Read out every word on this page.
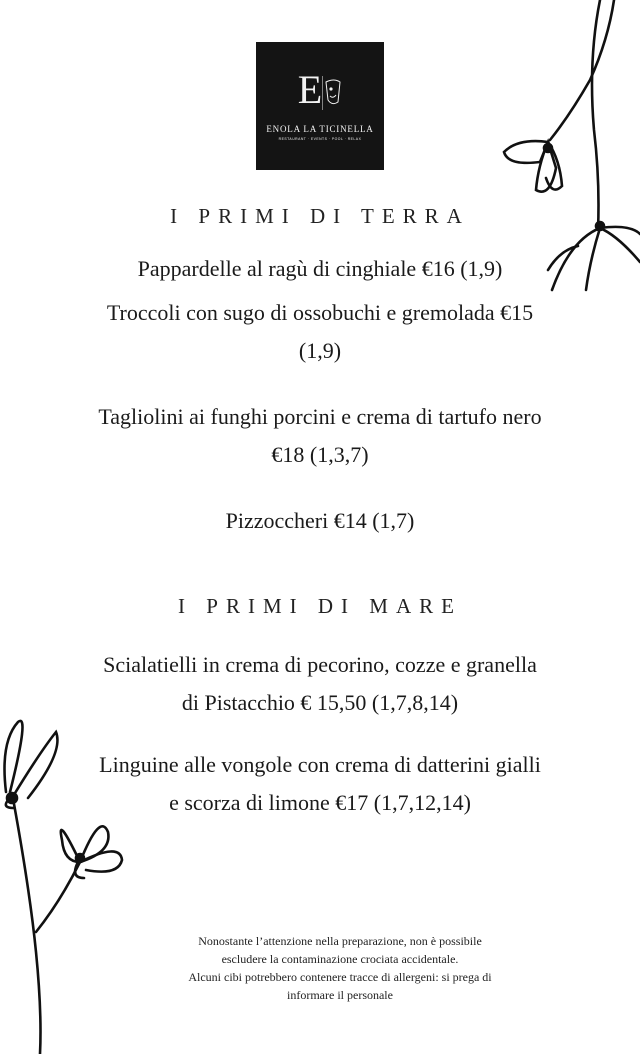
E
ENOLA LA TICINELLA
RESTAURANT · EVENTS · POOL · RELAX
I PRIMI DI TERRA
Pappardelle al ragù di cinghiale €16 (1,9)
Troccoli con sugo di ossobuchi e gremolada €15
(1,9)
Tagliolini ai funghi porcini e crema di tartufo nero
€18 (1,3,7)
Pizzoccheri €14 (1,7)
I PRIMI DI MARE
Scialatielli in crema di pecorino, cozze e granella
di Pistacchio € 15,50 (1,7,8,14)
Linguine alle vongole con crema di datterini gialli
e scorza di limone €17 (1,7,12,14)
Nonostante l’attenzione nella preparazione, non è possibile
escludere la contaminazione crociata accidentale.
Alcuni cibi potrebbero contenere tracce di allergeni: si prega di
informare il personale
